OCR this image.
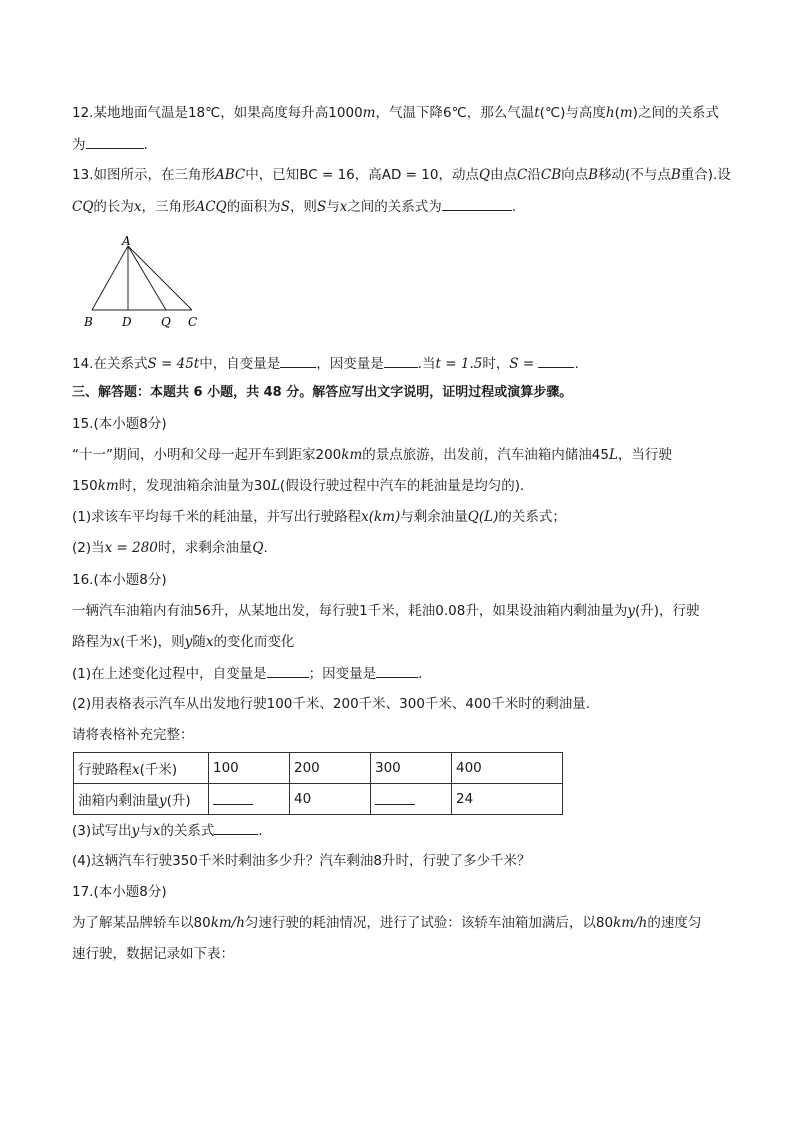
12.某地地面气温是18℃，如果高度每升高1000m，气温下降6℃，那么气温t(℃)与高度h(m)之间的关系式
为	.
13.如图所示，在三角形ABC中，已知BC = 16，高AD = 10，动点Q由点C沿CB向点B移动(不与点B重合).设
CQ的长为x，三角形ACQ的面积为S，则S与x之间的关系式为	.
A
B D Q C
14.在关系式S = 45t中，自变量是	，因变量是	.当t = 1.5时，S =	.
三、解答题：本题共 6 小题，共 48 分。解答应写出文字说明，证明过程或演算步骤。
15.(本小题8分)
“十一”期间，小明和父母一起开车到距家200km的景点旅游，出发前，汽车油箱内储油45L，当行驶
150km时，发现油箱余油量为30L(假设行驶过程中汽车的耗油量是均匀的).
(1)求该车平均每千米的耗油量，并写出行驶路程x(km)与剩余油量Q(L)的关系式；
(2)当x = 280时，求剩余油量Q.
16.(本小题8分)
一辆汽车油箱内有油56升，从某地出发，每行驶1千米，耗油0.08升，如果设油箱内剩油量为y(升)，行驶
路程为x(千米)，则y随x的变化而变化
(1)在上述变化过程中，自变量是	；因变量是	.
(2)用表格表示汽车从出发地行驶100千米、200千米、300千米、400千米时的剩油量.
请将表格补充完整：
行驶路程x(千米)	100	200	300	400
油箱内剩油量y(升)		40		24
(3)试写出y与x的关系式	.
(4)这辆汽车行驶350千米时剩油多少升？汽车剩油8升时，行驶了多少千米？
17.(本小题8分)
为了解某品牌轿车以80km/h匀速行驶的耗油情况，进行了试验：该轿车油箱加满后，以80km/h的速度匀
速行驶，数据记录如下表：
